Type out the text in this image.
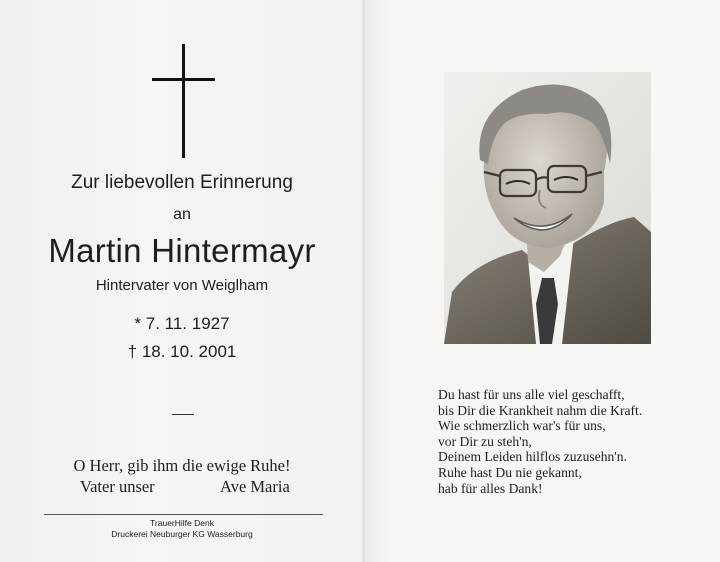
Zur liebevollen Erinnerung
an
Martin Hintermayr
Hintervater von Weiglham
* 7. 11. 1927
† 18. 10. 2001
O Herr, gib ihm die ewige Ruhe!
Vater unser	Ave Maria
TrauerHilfe Denk
Druckerei Neuburger KG Wasserburg
Du hast für uns alle viel geschafft,
bis Dir die Krankheit nahm die Kraft.
Wie schmerzlich war's für uns,
vor Dir zu steh'n,
Deinem Leiden hilflos zuzusehn'n.
Ruhe hast Du nie gekannt,
hab für alles Dank!
